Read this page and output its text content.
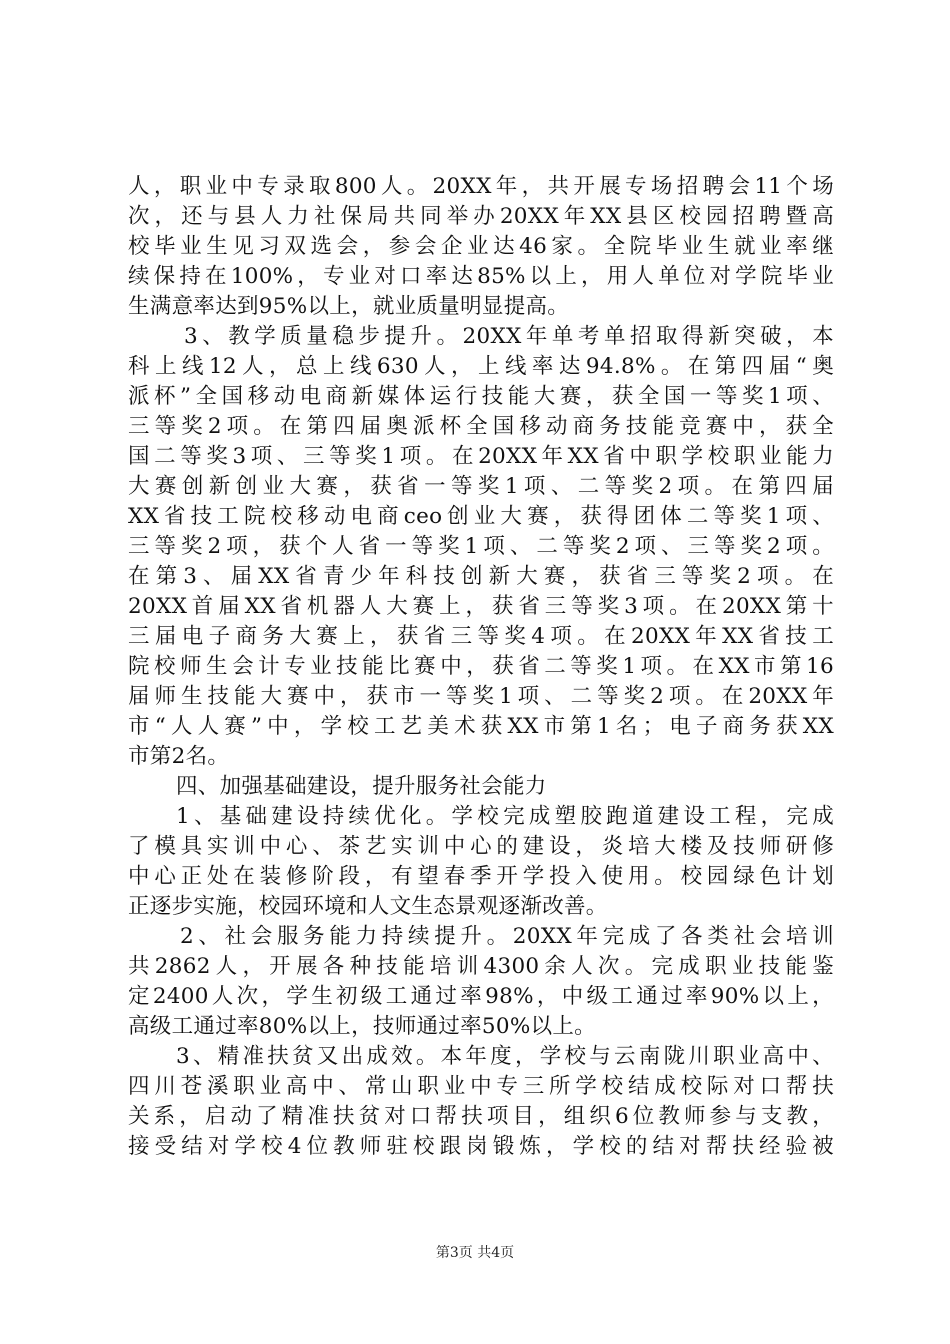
人，职业中专录取800人。20XX年，共开展专场招聘会11个场
次，还与县人力社保局共同举办20XX年XX县区校园招聘暨高
校毕业生见习双选会，参会企业达46家。全院毕业生就业率继
续保持在100%，专业对口率达85%以上，用人单位对学院毕业
生满意率达到95%以上，就业质量明显提高。
3、教学质量稳步提升。20XX年单考单招取得新突破，本
科上线12人，总上线630人，上线率达94.8%。在第四届“奥
派杯”全国移动电商新媒体运行技能大赛，获全国一等奖1项、
三等奖2项。在第四届奥派杯全国移动商务技能竞赛中，获全
国二等奖3项、三等奖1项。在20XX年XX省中职学校职业能力
大赛创新创业大赛，获省一等奖1项、二等奖2项。在第四届
XX省技工院校移动电商ceo创业大赛，获得团体二等奖1项、
三等奖2项，获个人省一等奖1项、二等奖2项、三等奖2项。
在第3、届XX省青少年科技创新大赛，获省三等奖2项。在
20XX首届XX省机器人大赛上，获省三等奖3项。在20XX第十
三届电子商务大赛上，获省三等奖4项。在20XX年XX省技工
院校师生会计专业技能比赛中，获省二等奖1项。在XX市第16
届师生技能大赛中，获市一等奖1项、二等奖2项。在20XX年
市“人人赛”中，学校工艺美术获XX市第1名；电子商务获XX
市第2名。
四、加强基础建设，提升服务社会能力
1、基础建设持续优化。学校完成塑胶跑道建设工程，完成
了模具实训中心、茶艺实训中心的建设，炎培大楼及技师研修
中心正处在装修阶段，有望春季开学投入使用。校园绿色计划
正逐步实施，校园环境和人文生态景观逐渐改善。
2、社会服务能力持续提升。20XX年完成了各类社会培训
共2862人，开展各种技能培训4300余人次。完成职业技能鉴
定2400人次，学生初级工通过率98%，中级工通过率90%以上，
高级工通过率80%以上，技师通过率50%以上。
3、精准扶贫又出成效。本年度，学校与云南陇川职业高中、
四川苍溪职业高中、常山职业中专三所学校结成校际对口帮扶
关系，启动了精准扶贫对口帮扶项目，组织6位教师参与支教，
接受结对学校4位教师驻校跟岗锻炼，学校的结对帮扶经验被
第3页 共4页
